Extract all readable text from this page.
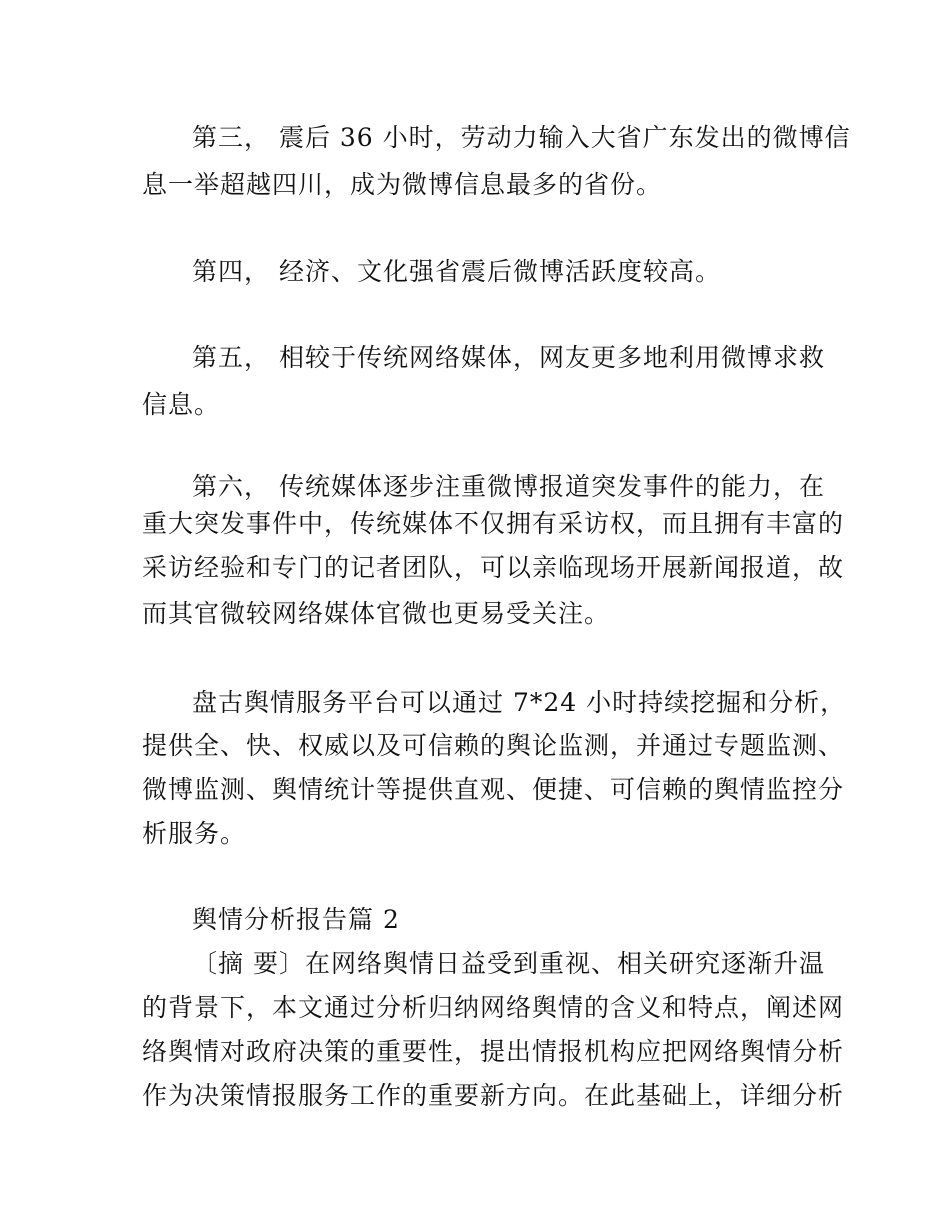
第三， 震后 36 小时，劳动力输入大省广东发出的微博信
息一举超越四川，成为微博信息最多的省份。
第四， 经济、文化强省震后微博活跃度较高。
第五， 相较于传统网络媒体，网友更多地利用微博求救
信息。
第六， 传统媒体逐步注重微博报道突发事件的能力，在
重大突发事件中，传统媒体不仅拥有采访权，而且拥有丰富的
采访经验和专门的记者团队，可以亲临现场开展新闻报道，故
而其官微较网络媒体官微也更易受关注。
盘古舆情服务平台可以通过 7*24 小时持续挖掘和分析，
提供全、快、权威以及可信赖的舆论监测，并通过专题监测、
微博监测、舆情统计等提供直观、便捷、可信赖的舆情监控分
析服务。
舆情分析报告篇 2
〔摘 要〕在网络舆情日益受到重视、相关研究逐渐升温
的背景下，本文通过分析归纳网络舆情的含义和特点，阐述网
络舆情对政府决策的重要性，提出情报机构应把网络舆情分析
作为决策情报服务工作的重要新方向。在此基础上，详细分析
